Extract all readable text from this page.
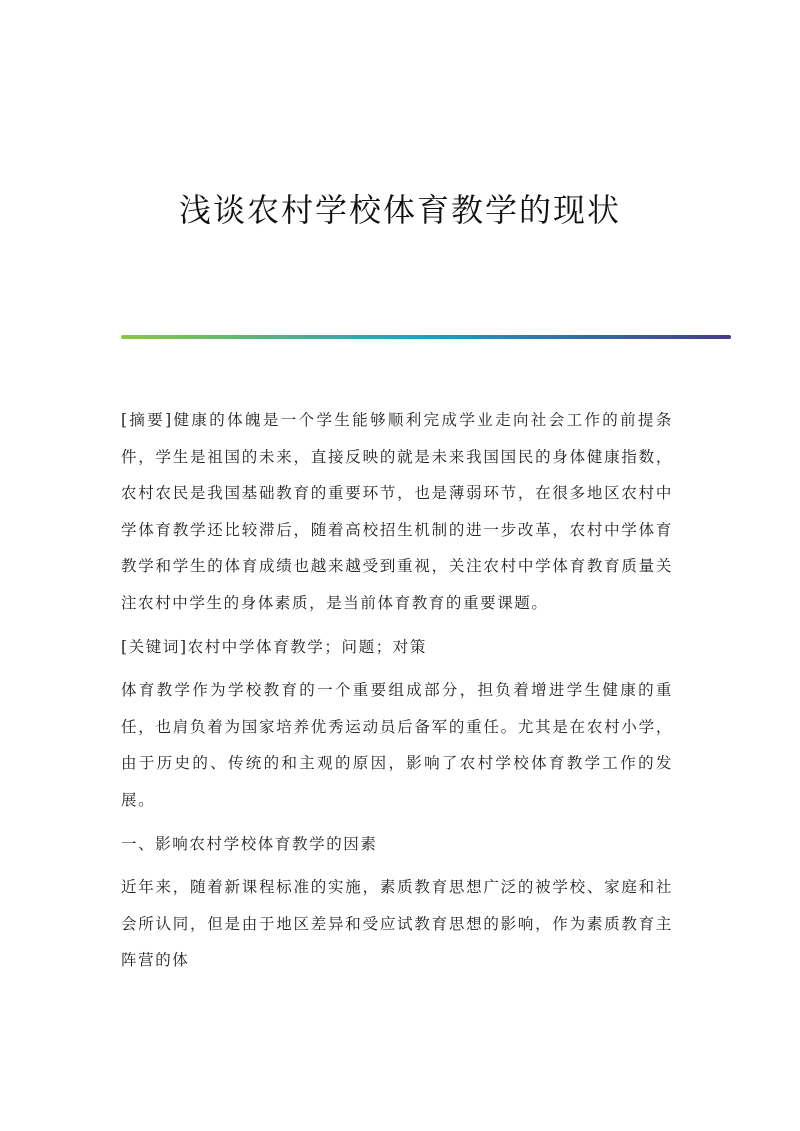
浅谈农村学校体育教学的现状

[摘要]健康的体魄是一个学生能够顺利完成学业走向社会工作的前提条件，学生是祖国的未来，直接反映的就是未来我国国民的身体健康指数，农村农民是我国基础教育的重要环节，也是薄弱环节，在很多地区农村中学体育教学还比较滞后，随着高校招生机制的进一步改革，农村中学体育教学和学生的体育成绩也越来越受到重视，关注农村中学体育教育质量关注农村中学生的身体素质，是当前体育教育的重要课题。

[关键词]农村中学体育教学；问题；对策

体育教学作为学校教育的一个重要组成部分，担负着增进学生健康的重任，也肩负着为国家培养优秀运动员后备军的重任。尤其是在农村小学，由于历史的、传统的和主观的原因，影响了农村学校体育教学工作的发展。

一、影响农村学校体育教学的因素

近年来，随着新课程标准的实施，素质教育思想广泛的被学校、家庭和社会所认同，但是由于地区差异和受应试教育思想的影响，作为素质教育主阵营的体
